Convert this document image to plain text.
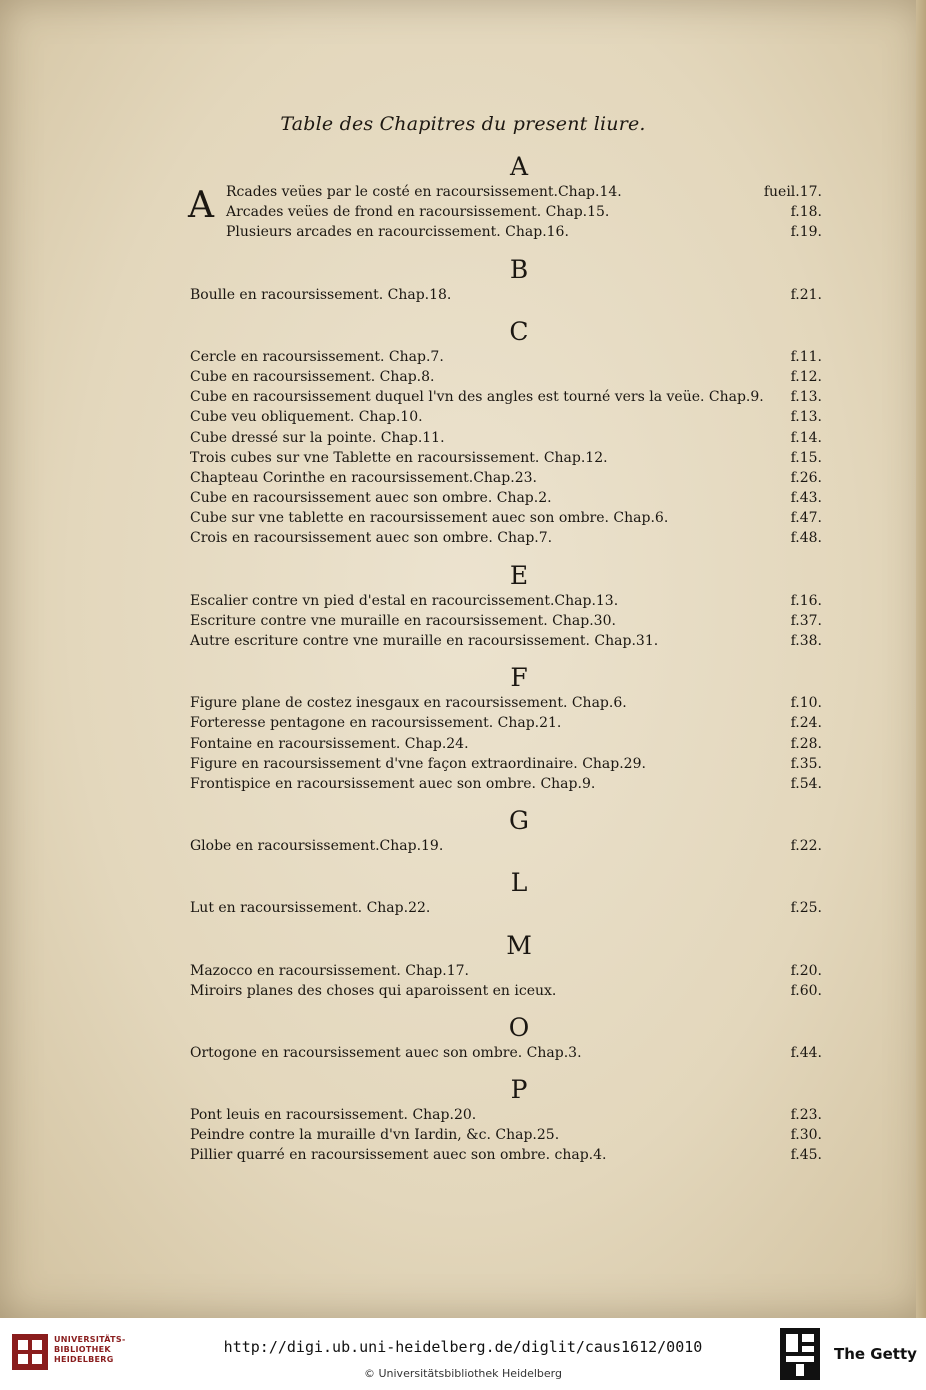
Table des Chapitres du present liure.
A
A Rcades veües par le costé en racoursissement.Chap.14.	fueil.17.
Arcades veües de frond en racoursissement. Chap.15.	f.18.
Plusieurs arcades en racourcissement. Chap.16.	f.19.
B
Boulle en racoursissement. Chap.18.	f.21.
C
Cercle en racoursissement. Chap.7.	f.11.
Cube en racoursissement. Chap.8.	f.12.
Cube en racoursissement duquel l'vn des angles est tourné vers la veüe. Chap.9. f.13.
Cube veu obliquement. Chap.10.	f.13.
Cube dressé sur la pointe. Chap.11.	f.14.
Trois cubes sur vne Tablette en racoursissement. Chap.12.	f.15.
Chapteau Corinthe en racoursissement.Chap.23.	f.26.
Cube en racoursissement auec son ombre. Chap.2.	f.43.
Cube sur vne tablette en racoursissement auec son ombre. Chap.6.	f.47.
Crois en racoursissement auec son ombre. Chap.7.	f.48.
E
Escalier contre vn pied d'estal en racourcissement.Chap.13.	f.16.
Escriture contre vne muraille en racoursissement. Chap.30.	f.37.
Autre escriture contre vne muraille en racoursissement. Chap.31.	f.38.
F
Figure plane de costez inesgaux en racoursissement. Chap.6.	f.10.
Forteresse pentagone en racoursissement. Chap.21.	f.24.
Fontaine en racoursissement. Chap.24.	f.28.
Figure en racoursissement d'vne façon extraordinaire. Chap.29.	f.35.
Frontispice en racoursissement auec son ombre. Chap.9.	f.54.
G
Globe en racoursissement.Chap.19.	f.22.
L
Lut en racoursissement. Chap.22.	f.25.
M
Mazocco en racoursissement. Chap.17.	f.20.
Miroirs planes des choses qui aparoissent en iceux.	f.60.
O
Ortogone en racoursissement auec son ombre. Chap.3.	f.44.
P
Pont leuis en racoursissement. Chap.20.	f.23.
Peindre contre la muraille d'vn Iardin, &c. Chap.25.	f.30.
Pillier quarré en racoursissement auec son ombre. chap.4.	f.45.
UNIVERSITÄTS-
BIBLIOTHEK
HEIDELBERG
http://digi.ub.uni-heidelberg.de/diglit/caus1612/0010
© Universitätsbibliothek Heidelberg
The Getty
